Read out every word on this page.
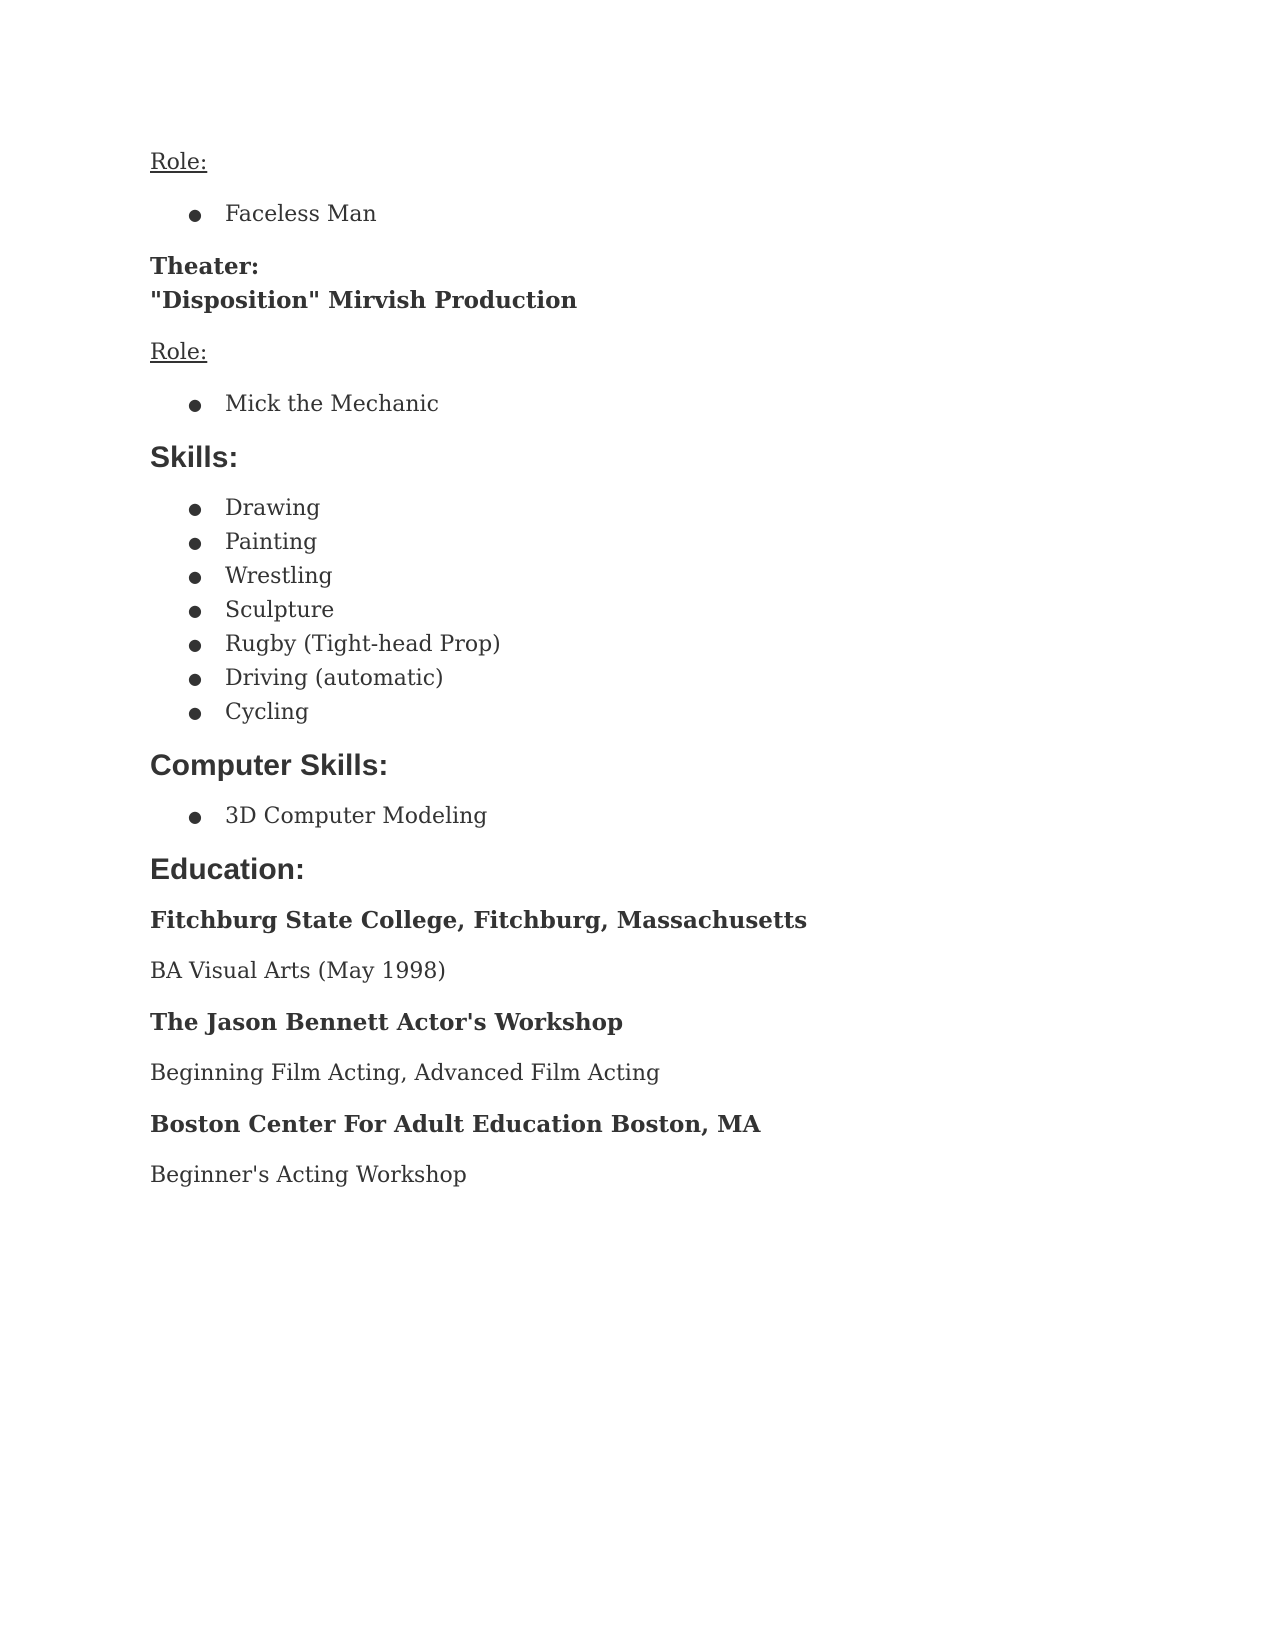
Role:

● Faceless Man

Theater:

"Disposition" Mirvish Production

Role:

● Mick the Mechanic
Skills:
● Drawing
● Painting
● Wrestling
● Sculpture
● Rugby (Tight-head Prop)
● Driving (automatic)
● Cycling
Computer Skills:
● 3D Computer Modeling
Education:

Fitchburg State College, Fitchburg, Massachusetts

BA Visual Arts (May 1998)

The Jason Bennett Actor's Workshop

Beginning Film Acting, Advanced Film Acting

Boston Center For Adult Education Boston, MA

Beginner's Acting Workshop
